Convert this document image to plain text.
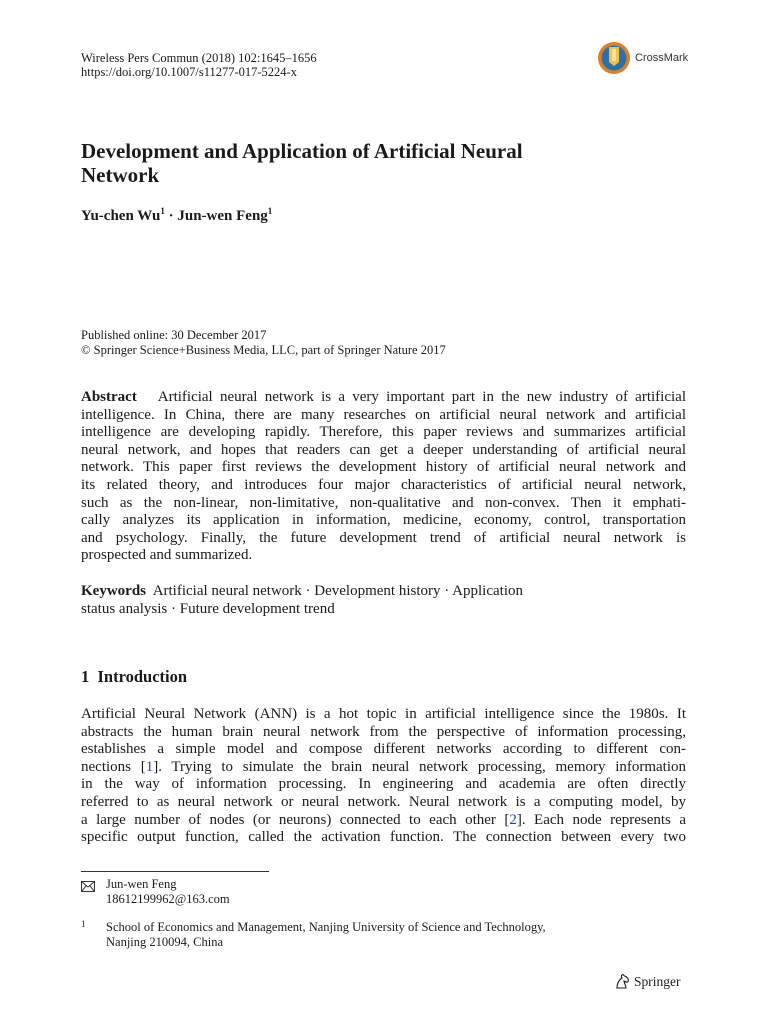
Wireless Pers Commun (2018) 102:1645–1656
https://doi.org/10.1007/s11277-017-5224-x
CrossMark
Development and Application of Artificial Neural
Network
Yu-chen $Wu^1 \cdot Jun-wen$ Feng$^1$
Published online: 30 December 2017
© Springer Science+Business Media, LLC, part of Springer Nature 2017
Abstract Artificial neural network is a very important part in the new industry of artificial
intelligence. In China, there are many researches on artificial neural network and artificial
intelligence are developing rapidly. Therefore, this paper reviews and summarizes artificial
neural network, and hopes that readers can get a deeper understanding of artificial neural
network. This paper first reviews the development history of artificial neural network and
its related theory, and introduces four major characteristics of artificial neural network,
such as the non-linear, non-limitative, non-qualitative and non-convex. Then it emphati-
cally analyzes its application in information, medicine, economy, control, transportation
and psychology. Finally, the future development trend of artificial neural network is
prospected and summarized.
Keywords Artificial neural network · Development history · Application
status analysis · Future development trend
1 Introduction
Artificial Neural Network (ANN) is a hot topic in artificial intelligence since the 1980s. It
abstracts the human brain neural network from the perspective of information processing,
establishes a simple model and compose different networks according to different con-
nections [1]. Trying to simulate the brain neural network processing, memory information
in the way of information processing. In engineering and academia are often directly
referred to as neural network or neural network. Neural network is a computing model, by
a large number of nodes (or neurons) connected to each other [2]. Each node represents a
specific output function, called the activation function. The connection between every two
Jun-wen Feng
18612199962@163.com
1 School of Economics and Management, Nanjing University of Science and Technology,
Nanjing 210094, China
Springer
